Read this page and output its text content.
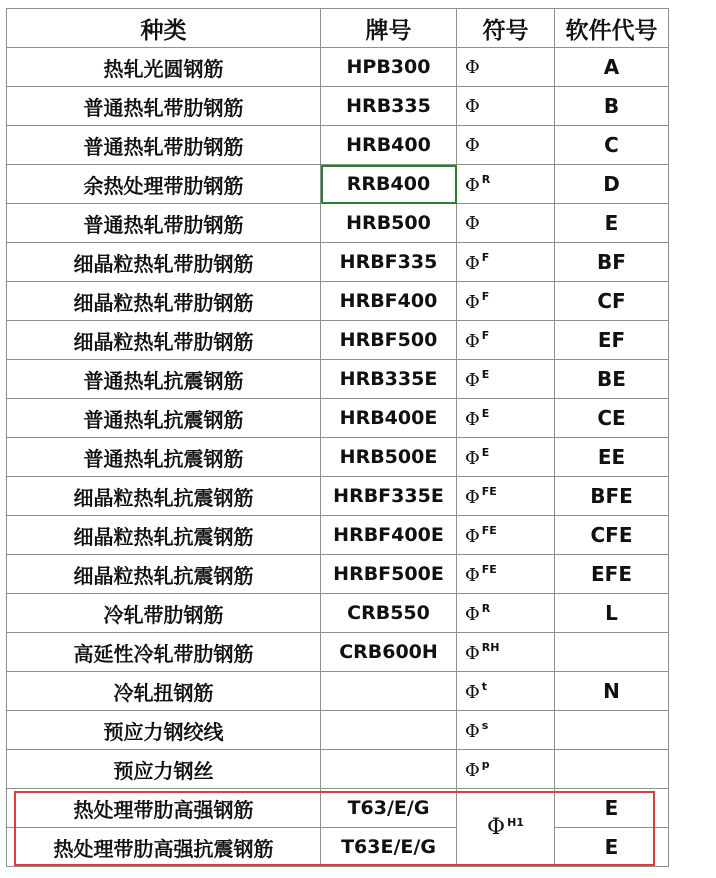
种类	牌号	符号	软件代号
热轧光圆钢筋	HPB300	Φ	A
普通热轧带肋钢筋	HRB335	Φ	B
普通热轧带肋钢筋	HRB400	Φ	C
余热处理带肋钢筋	RRB400	Φ $^R$	D
普通热轧带肋钢筋	HRB500	Φ	E
细晶粒热轧带肋钢筋	HRBF335	Φ $^F$	BF
细晶粒热轧带肋钢筋	HRBF400	Φ $^F$	CF
细晶粒热轧带肋钢筋	HRBF500	Φ $^F$	EF
普通热轧抗震钢筋	HRB335E	Φ $^E$	BE
普通热轧抗震钢筋	HRB400E	Φ $^E$	CE
普通热轧抗震钢筋	HRB500E	Φ $^E$	EE
细晶粒热轧抗震钢筋	HRBF335E	Φ $^{FE}$	BFE
细晶粒热轧抗震钢筋	HRBF400E	Φ $^{FE}$	CFE
细晶粒热轧抗震钢筋	HRBF500E	Φ $^{FE}$	EFE
冷轧带肋钢筋	CRB550	Φ $^R$	L
高延性冷轧带肋钢筋	CRB600H	Φ $^{RH}$	
冷轧扭钢筋		Φ $^t$	N
预应力钢绞线		Φ $^s$	
预应力钢丝		Φ $^p$	
热处理带肋高强钢筋	T63/E/G	Φ $^{H1}$	E
热处理带肋高强抗震钢筋	T63E/E/G		E
